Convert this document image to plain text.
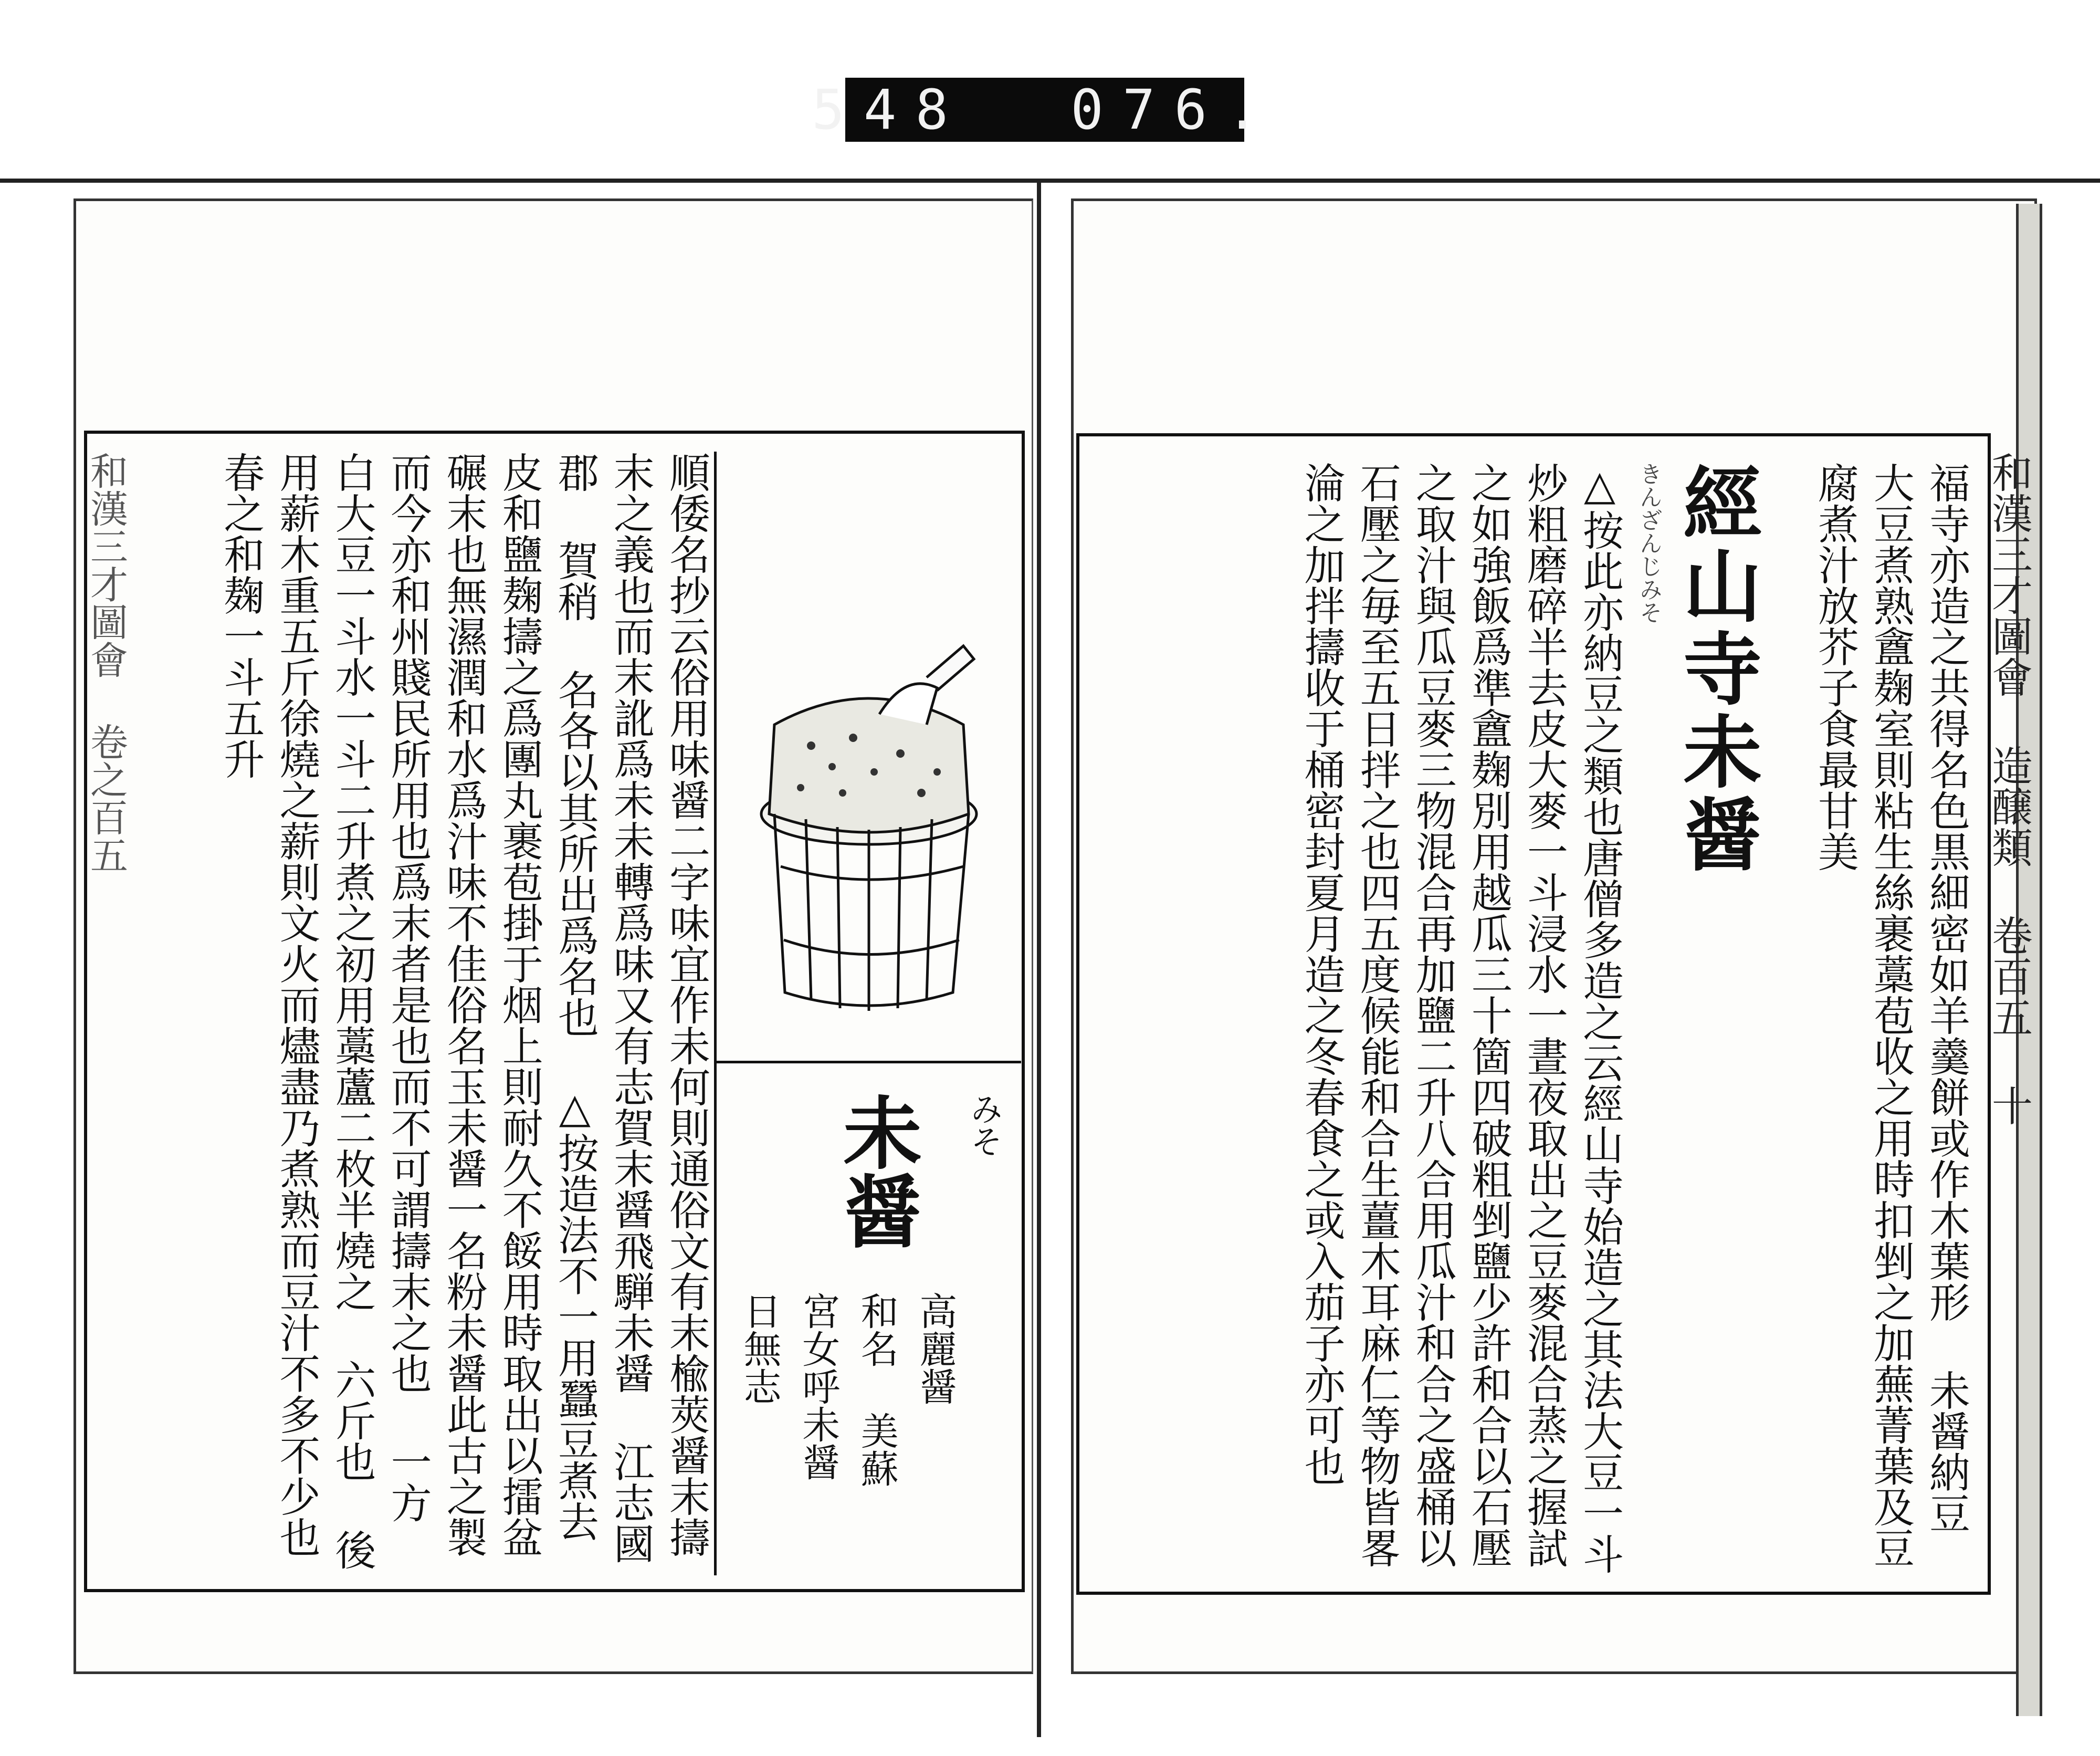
548  076.
和漢三才圖會 卷之百五
未醤	みそ
高麗醤
和名 美蘇
宮女呼未醤
日無志
順倭名抄云俗用味醤二字味宜作未何則通俗文有末楡莢醤末擣末之義也而末訛爲未未轉爲味又有志賀末醤飛騨未醤 江志國郡 賀稍 名各以其所出爲名也 △按造法不一用蠶豆煮去皮和鹽麹擣之爲團丸裹苞掛于烟上則耐久不餒用時取出以擂盆碾末也無濕潤和水爲汁味不佳俗名玉未醤一名粉未醤此古之製而今亦和州賤民所用也爲末者是也而不可謂擣末之也 一方 白大豆一斗水一斗二升煮之初用藁蘆二枚半燒之 六斤也 後用薪木重五斤徐燒之薪則文火而燼盡乃煮熟而豆汁不多不少也春之和麹一斗五升	和漢三才圖會 造醸類 卷百五 十
福寺亦造之共得名色黒細密如羊羹餅或作木葉形 未醤納豆 大豆煮熟盦麹室則粘生絲裹藁苞收之用時扣剉之加蕪菁葉及豆腐煮汁放芥子食最甘美
經山寺未醤
きんざんじみそ
△按此亦納豆之類也唐僧多造之云經山寺始造之其法大豆一斗炒粗磨碎半去皮大麥一斗浸水一晝夜取出之豆麥混合蒸之握試之如強飯爲準盦麹別用越瓜三十箇四破粗剉鹽少許和合以石壓之取汁與瓜豆麥三物混合再加鹽二升八合用瓜汁和合之盛桶以石壓之毎至五日拌之也四五度候能和合生薑木耳麻仁等物皆畧淪之加拌擣收于桶密封夏月造之冬春食之或入茄子亦可也
